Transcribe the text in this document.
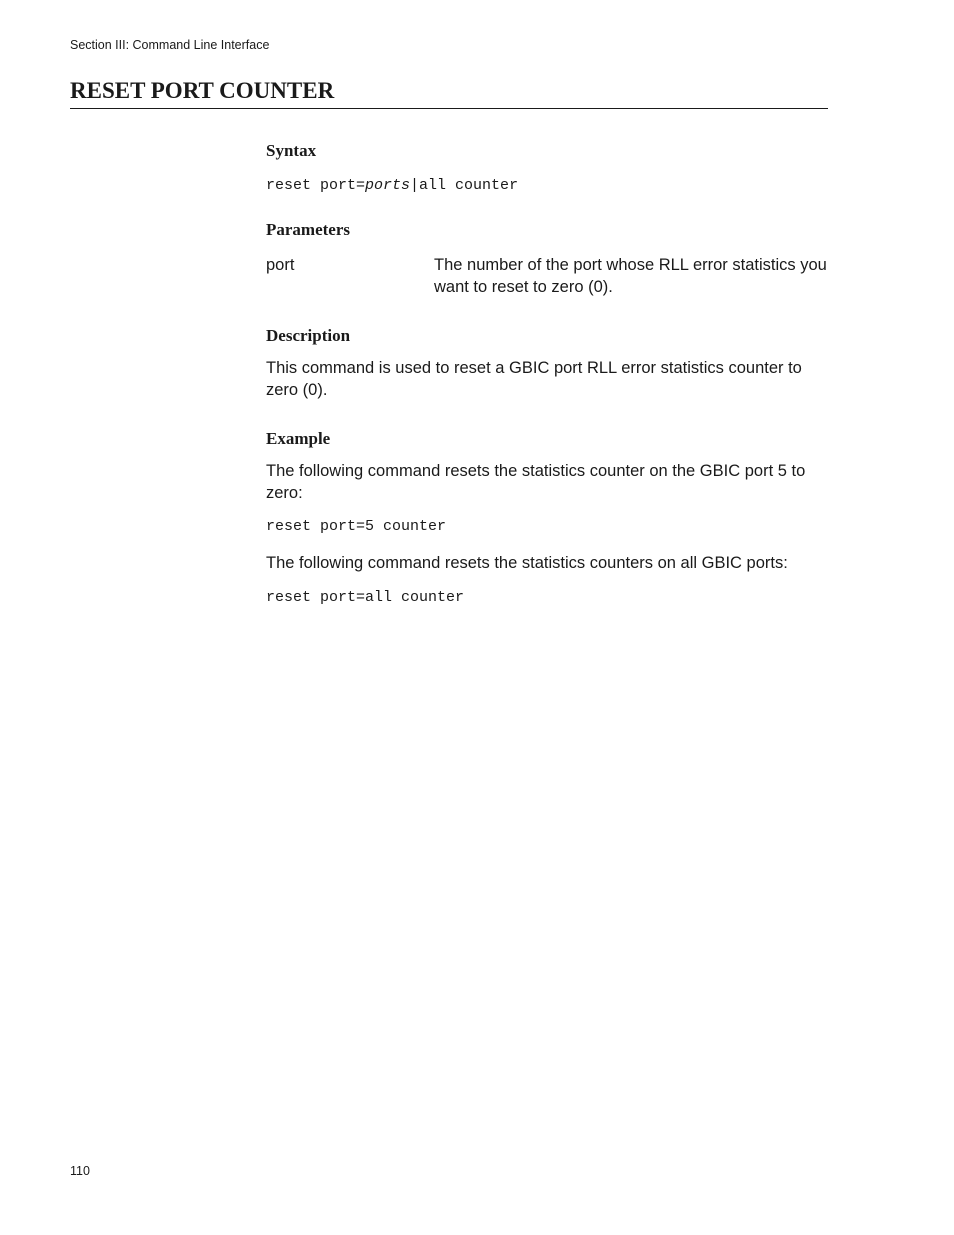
Section III: Command Line Interface
RESET PORT COUNTER
Syntax
reset port=ports|all counter
Parameters
port	The number of the port whose RLL error statistics you want to reset to zero (0).
Description
This command is used to reset a GBIC port RLL error statistics counter to zero (0).
Example
The following command resets the statistics counter on the GBIC port 5 to zero:
reset port=5 counter
The following command resets the statistics counters on all GBIC ports:
reset port=all counter
110
